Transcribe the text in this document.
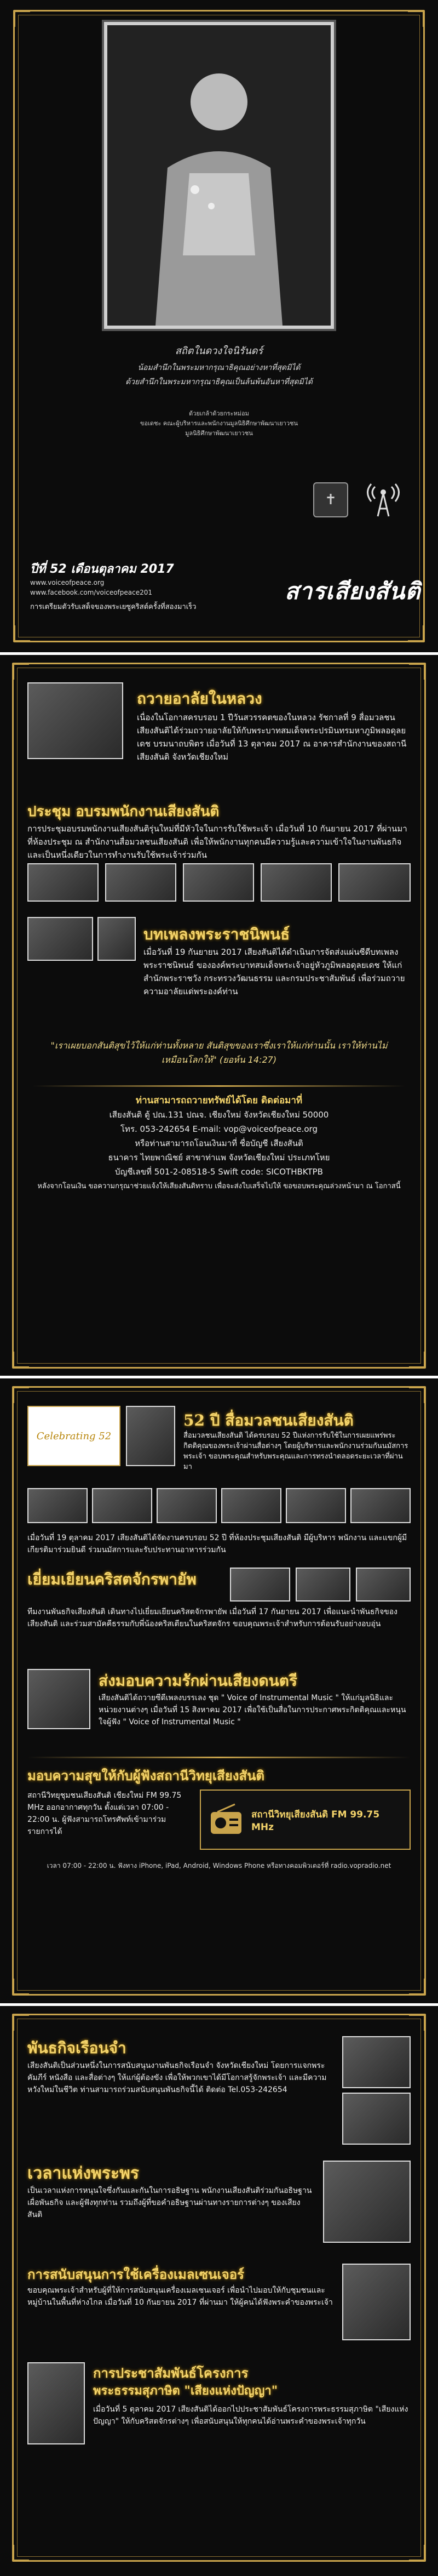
สถิตในดวงใจนิรันดร์
น้อมสำนึกในพระมหากรุณาธิคุณอย่างหาที่สุดมิได้
ด้วยสำนึกในพระมหากรุณาธิคุณเป็นล้นพ้นอันหาที่สุดมิได้
ด้วยเกล้าด้วยกระหม่อม
ขอเดชะ คณะผู้บริหารและพนักงานมูลนิธิศึกษาพัฒนาเยาวชน
มูลนิธิศึกษาพัฒนาเยาวชน
✝
ปีที่ 52 เดือนตุลาคม 2017
www.voiceofpeace.org
www.facebook.com/voiceofpeace201
การเตรียมตัวรับเสด็จของพระเยซูคริสต์ครั้งที่สองมาเร็ว
สารเสียงสันติ
ถวายอาลัยในหลวง
เนื่องในโอกาสครบรอบ 1 ปีวันสวรรคตของในหลวง รัชกาลที่ 9 สื่อมวลชนเสียงสันติได้ร่วมถวายอาลัยให้กับพระบาทสมเด็จพระปรมินทรมหาภูมิพลอดุลยเดช บรมนาถบพิตร เมื่อวันที่ 13 ตุลาคม 2017 ณ อาคารสำนักงานของสถานีเสียงสันติ จังหวัดเชียงใหม่
ประชุม อบรมพนักงานเสียงสันติ
การประชุมอบรมพนักงานเสียงสันติรุ่นใหม่ที่มีหัวใจในการรับใช้พระเจ้า เมื่อวันที่ 10 กันยายน 2017 ที่ผ่านมา ที่ห้องประชุม ณ สำนักงานสื่อมวลชนเสียงสันติ เพื่อให้พนักงานทุกคนมีความรู้และความเข้าใจในงานพันธกิจ และเป็นหนึ่งเดียวในการทำงานรับใช้พระเจ้าร่วมกัน
บทเพลงพระราชนิพนธ์
เมื่อวันที่ 19 กันยายน 2017 เสียงสันติได้ดำเนินการจัดส่งแผ่นซีดีบทเพลงพระราชนิพนธ์ ขององค์พระบาทสมเด็จพระเจ้าอยู่หัวภูมิพลอดุลยเดช ให้แก่สำนักพระราชวัง กระทรวงวัฒนธรรม และกรมประชาสัมพันธ์ เพื่อร่วมถวายความอาลัยแด่พระองค์ท่าน
"เราเผยบอกสันติสุขไว้ให้แก่ท่านทั้งหลาย สันติสุขของเราซึ่งเราให้แก่ท่านนั้น เราให้ท่านไม่เหมือนโลกให้" (ยอห์น 14:27)
ท่านสามารถถวายทรัพย์ได้โดย ติดต่อมาที่
เสียงสันติ ตู้ ปณ.131 ปณจ. เชียงใหม่ จังหวัดเชียงใหม่ 50000
โทร. 053-242654 E-mail: vop@voiceofpeace.org
หรือท่านสามารถโอนเงินมาที่ ชื่อบัญชี เสียงสันติ
ธนาคาร ไทยพาณิชย์ สาขาท่าแพ จังหวัดเชียงใหม่ ประเภทโหย
บัญชีเลขที่ 501-2-08518-5 Swift code: SICOTHBKTPB
หลังจากโอนเงิน ขอความกรุณาช่วยแจ้งให้เสียงสันติทราบ เพื่อจะส่งใบเสร็จไปให้ ขอขอบพระคุณล่วงหน้ามา ณ โอกาสนี้
Celebrating 52
52 ปี สื่อมวลชนเสียงสันติ
สื่อมวลชนเสียงสันติ ได้ครบรอบ 52 ปีแห่งการรับใช้ในการเผยแพร่พระกิตติคุณของพระเจ้าผ่านสื่อต่างๆ โดยผู้บริหารและพนักงานร่วมกันนมัสการพระเจ้า ขอบพระคุณสำหรับพระคุณและการทรงนำตลอดระยะเวลาที่ผ่านมา
เมื่อวันที่ 19 ตุลาคม 2017 เสียงสันติได้จัดงานครบรอบ 52 ปี ที่ห้องประชุมเสียงสันติ มีผู้บริหาร พนักงาน และแขกผู้มีเกียรติมาร่วมยินดี ร่วมนมัสการและรับประทานอาหารร่วมกัน
เยี่ยมเยียนคริสตจักรพายัพ
ทีมงานพันธกิจเสียงสันติ เดินทางไปเยี่ยมเยียนคริสตจักรพายัพ เมื่อวันที่ 17 กันยายน 2017 เพื่อแนะนำพันธกิจของเสียงสันติ และร่วมสามัคคีธรรมกับพี่น้องคริสเตียนในคริสตจักร ขอบคุณพระเจ้าสำหรับการต้อนรับอย่างอบอุ่น
ส่งมอบความรักผ่านเสียงดนตรี
เสียงสันติได้ถวายซีดีเพลงบรรเลง ชุด " Voice of Instrumental Music " ให้แก่มูลนิธิและหน่วยงานต่างๆ เมื่อวันที่ 15 สิงหาคม 2017 เพื่อใช้เป็นสื่อในการประกาศพระกิตติคุณและหนุนใจผู้ฟัง " Voice of Instrumental Music "
มอบความสุขให้กับผู้ฟังสถานีวิทยุเสียงสันติ
สถานีวิทยุชุมชนเสียงสันติ เชียงใหม่ FM 99.75 MHz ออกอากาศทุกวัน ตั้งแต่เวลา 07:00 - 22:00 น. ผู้ฟังสามารถโทรศัพท์เข้ามาร่วมรายการได้
สถานีวิทยุเสียงสันติ FM 99.75 MHz
เวลา 07:00 - 22:00 น. ฟังทาง iPhone, iPad, Android, Windows Phone หรือทางคอมพิวเตอร์ที่ radio.vopradio.net
พันธกิจเรือนจำ
เสียงสันติเป็นส่วนหนึ่งในการสนับสนุนงานพันธกิจเรือนจำ จังหวัดเชียงใหม่ โดยการแจกพระคัมภีร์ หนังสือ และสื่อต่างๆ ให้แก่ผู้ต้องขัง เพื่อให้พวกเขาได้มีโอกาสรู้จักพระเจ้า และมีความหวังใหม่ในชีวิต ท่านสามารถร่วมสนับสนุนพันธกิจนี้ได้ ติดต่อ Tel.053-242654
เวลาแห่งพระพร
เป็นเวลาแห่งการหนุนใจซึ่งกันและกันในการอธิษฐาน พนักงานเสียงสันติร่วมกันอธิษฐานเผื่อพันธกิจ และผู้ฟังทุกท่าน รวมถึงผู้ที่ขอคำอธิษฐานผ่านทางรายการต่างๆ ของเสียงสันติ
การสนับสนุนการใช้เครื่องเมลเซนเจอร์
ขอบคุณพระเจ้าสำหรับผู้ที่ให้การสนับสนุนเครื่องเมลเซนเจอร์ เพื่อนำไปมอบให้กับชุมชนและหมู่บ้านในพื้นที่ห่างไกล เมื่อวันที่ 10 กันยายน 2017 ที่ผ่านมา ให้ผู้คนได้ฟังพระคำของพระเจ้า
การประชาสัมพันธ์โครงการ
พระธรรมสุภาษิต "เสียงแห่งปัญญา"
เมื่อวันที่ 5 ตุลาคม 2017 เสียงสันติได้ออกไปประชาสัมพันธ์โครงการพระธรรมสุภาษิต "เสียงแห่งปัญญา" ให้กับคริสตจักรต่างๆ เพื่อสนับสนุนให้ทุกคนได้อ่านพระคำของพระเจ้าทุกวัน
